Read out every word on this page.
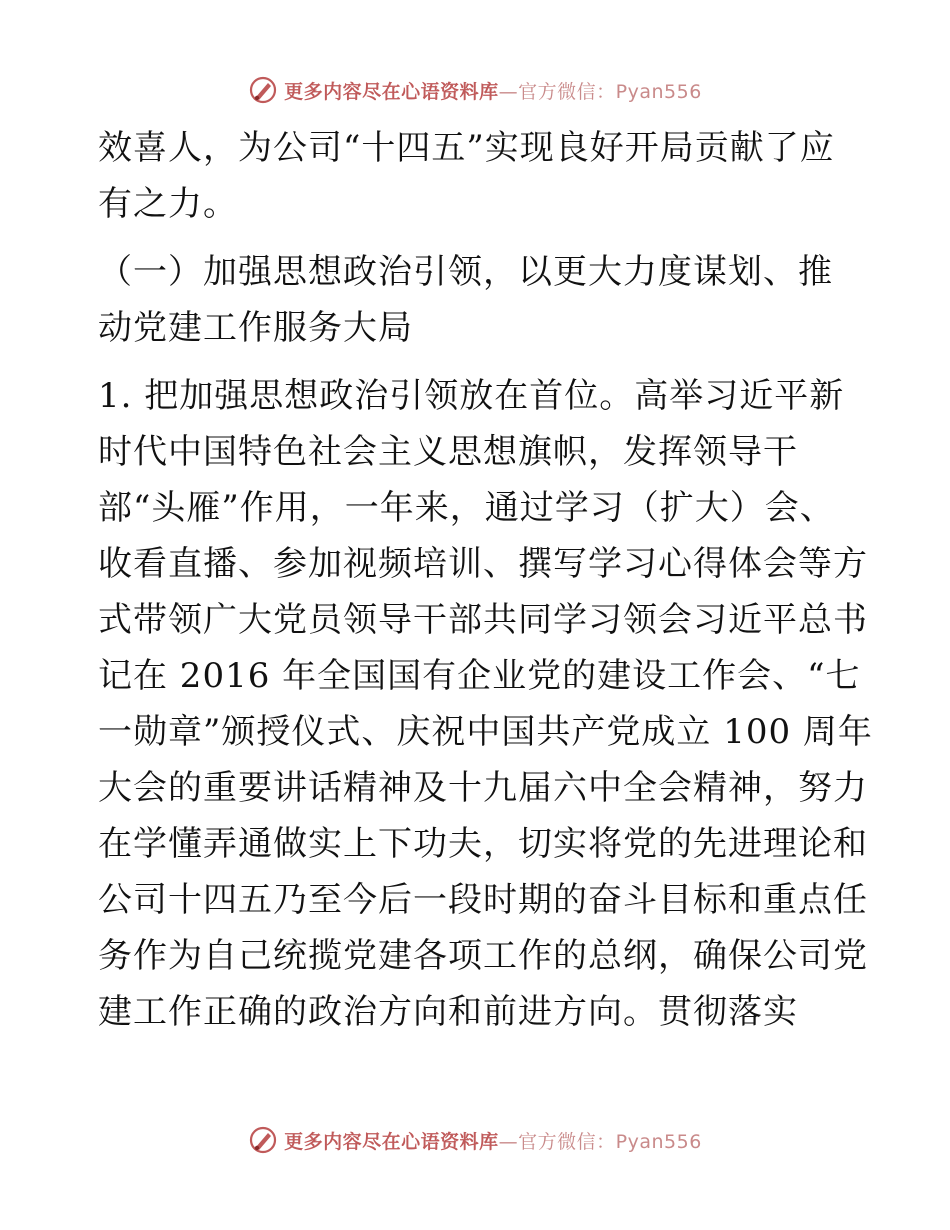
更多内容尽在心语资料库—官方微信：Pyan556
效喜人，为公司“十四五”实现良好开局贡献了应
有之力。
（一）加强思想政治引领，以更大力度谋划、推
动党建工作服务大局
1. 把加强思想政治引领放在首位。高举习近平新
时代中国特色社会主义思想旗帜，发挥领导干
部“头雁”作用，一年来，通过学习（扩大）会、
收看直播、参加视频培训、撰写学习心得体会等方
式带领广大党员领导干部共同学习领会习近平总书
记在 2016 年全国国有企业党的建设工作会、“七
一勋章”颁授仪式、庆祝中国共产党成立 100 周年
大会的重要讲话精神及十九届六中全会精神，努力
在学懂弄通做实上下功夫，切实将党的先进理论和
公司十四五乃至今后一段时期的奋斗目标和重点任
务作为自己统揽党建各项工作的总纲，确保公司党
建工作正确的政治方向和前进方向。贯彻落实
更多内容尽在心语资料库—官方微信：Pyan556
